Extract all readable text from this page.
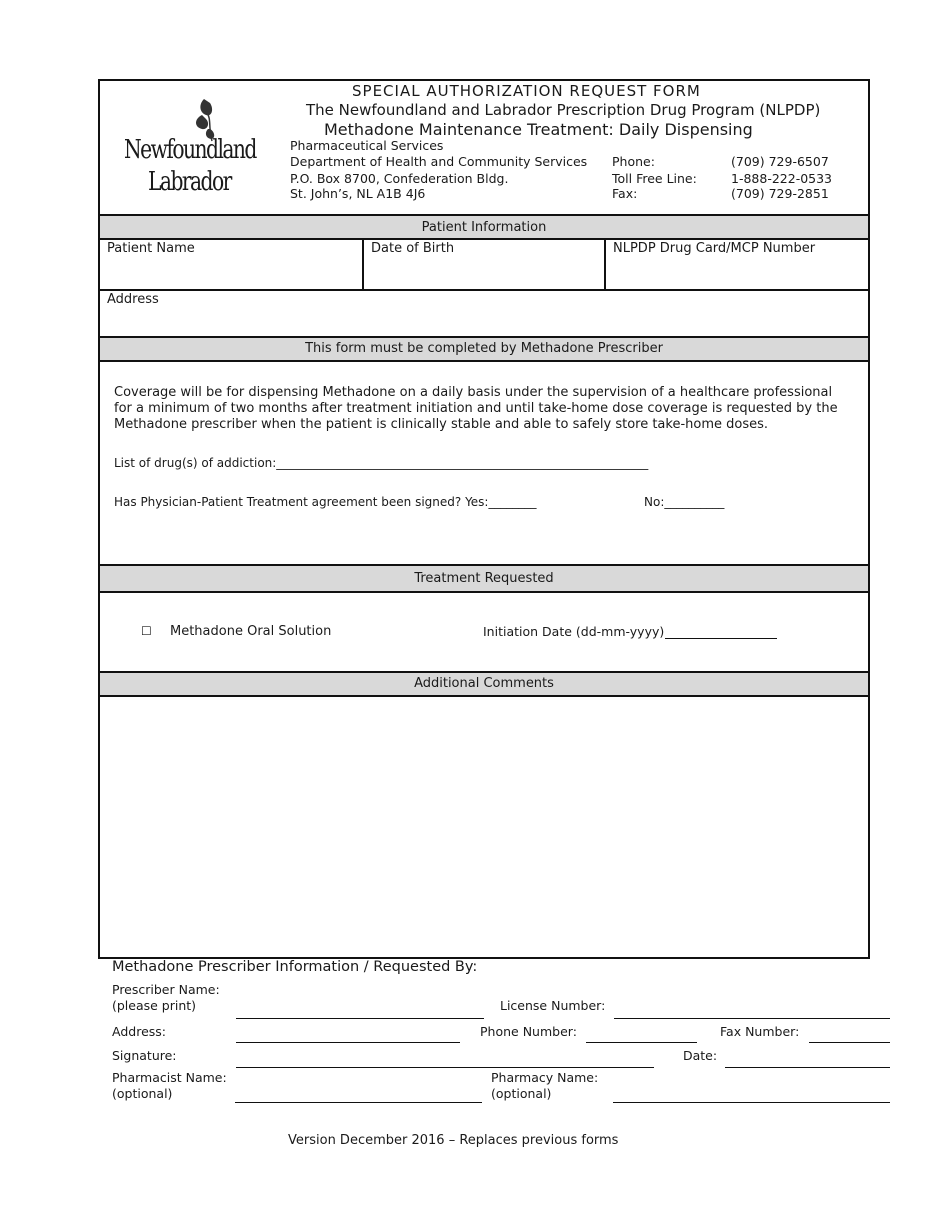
SPECIAL AUTHORIZATION REQUEST FORM
The Newfoundland and Labrador Prescription Drug Program (NLPDP)
Methadone Maintenance Treatment: Daily Dispensing
Newfoundland
Labrador
Pharmaceutical Services
Department of Health and Community Services
P.O. Box 8700, Confederation Bldg.
St. John’s, NL A1B 4J6
Phone:	(709) 729-6507
Toll Free Line:	1-888-222-0533
Fax:	(709) 729-2851
Patient Information
Patient Name	Date of Birth	NLPDP Drug Card/MCP Number
Address
This form must be completed by Methadone Prescriber
Coverage will be for dispensing Methadone on a daily basis under the supervision of a healthcare professional
for a minimum of two months after treatment initiation and until take-home dose coverage is requested by the
Methadone prescriber when the patient is clinically stable and able to safely store take-home doses.
List of drug(s) of addiction:______________________________________________________________
Has Physician-Patient Treatment agreement been signed? Yes:________	No:__________
Treatment Requested
☐ Methadone Oral Solution	Initiation Date (dd-mm-yyyy)
Additional Comments
Methadone Prescriber Information / Requested By:
Prescriber Name:
(please print)	License Number:
Address:	Phone Number:	Fax Number:
Signature:	Date:
Pharmacist Name:
(optional)
Pharmacy Name:
(optional)
Version December 2016 – Replaces previous forms
